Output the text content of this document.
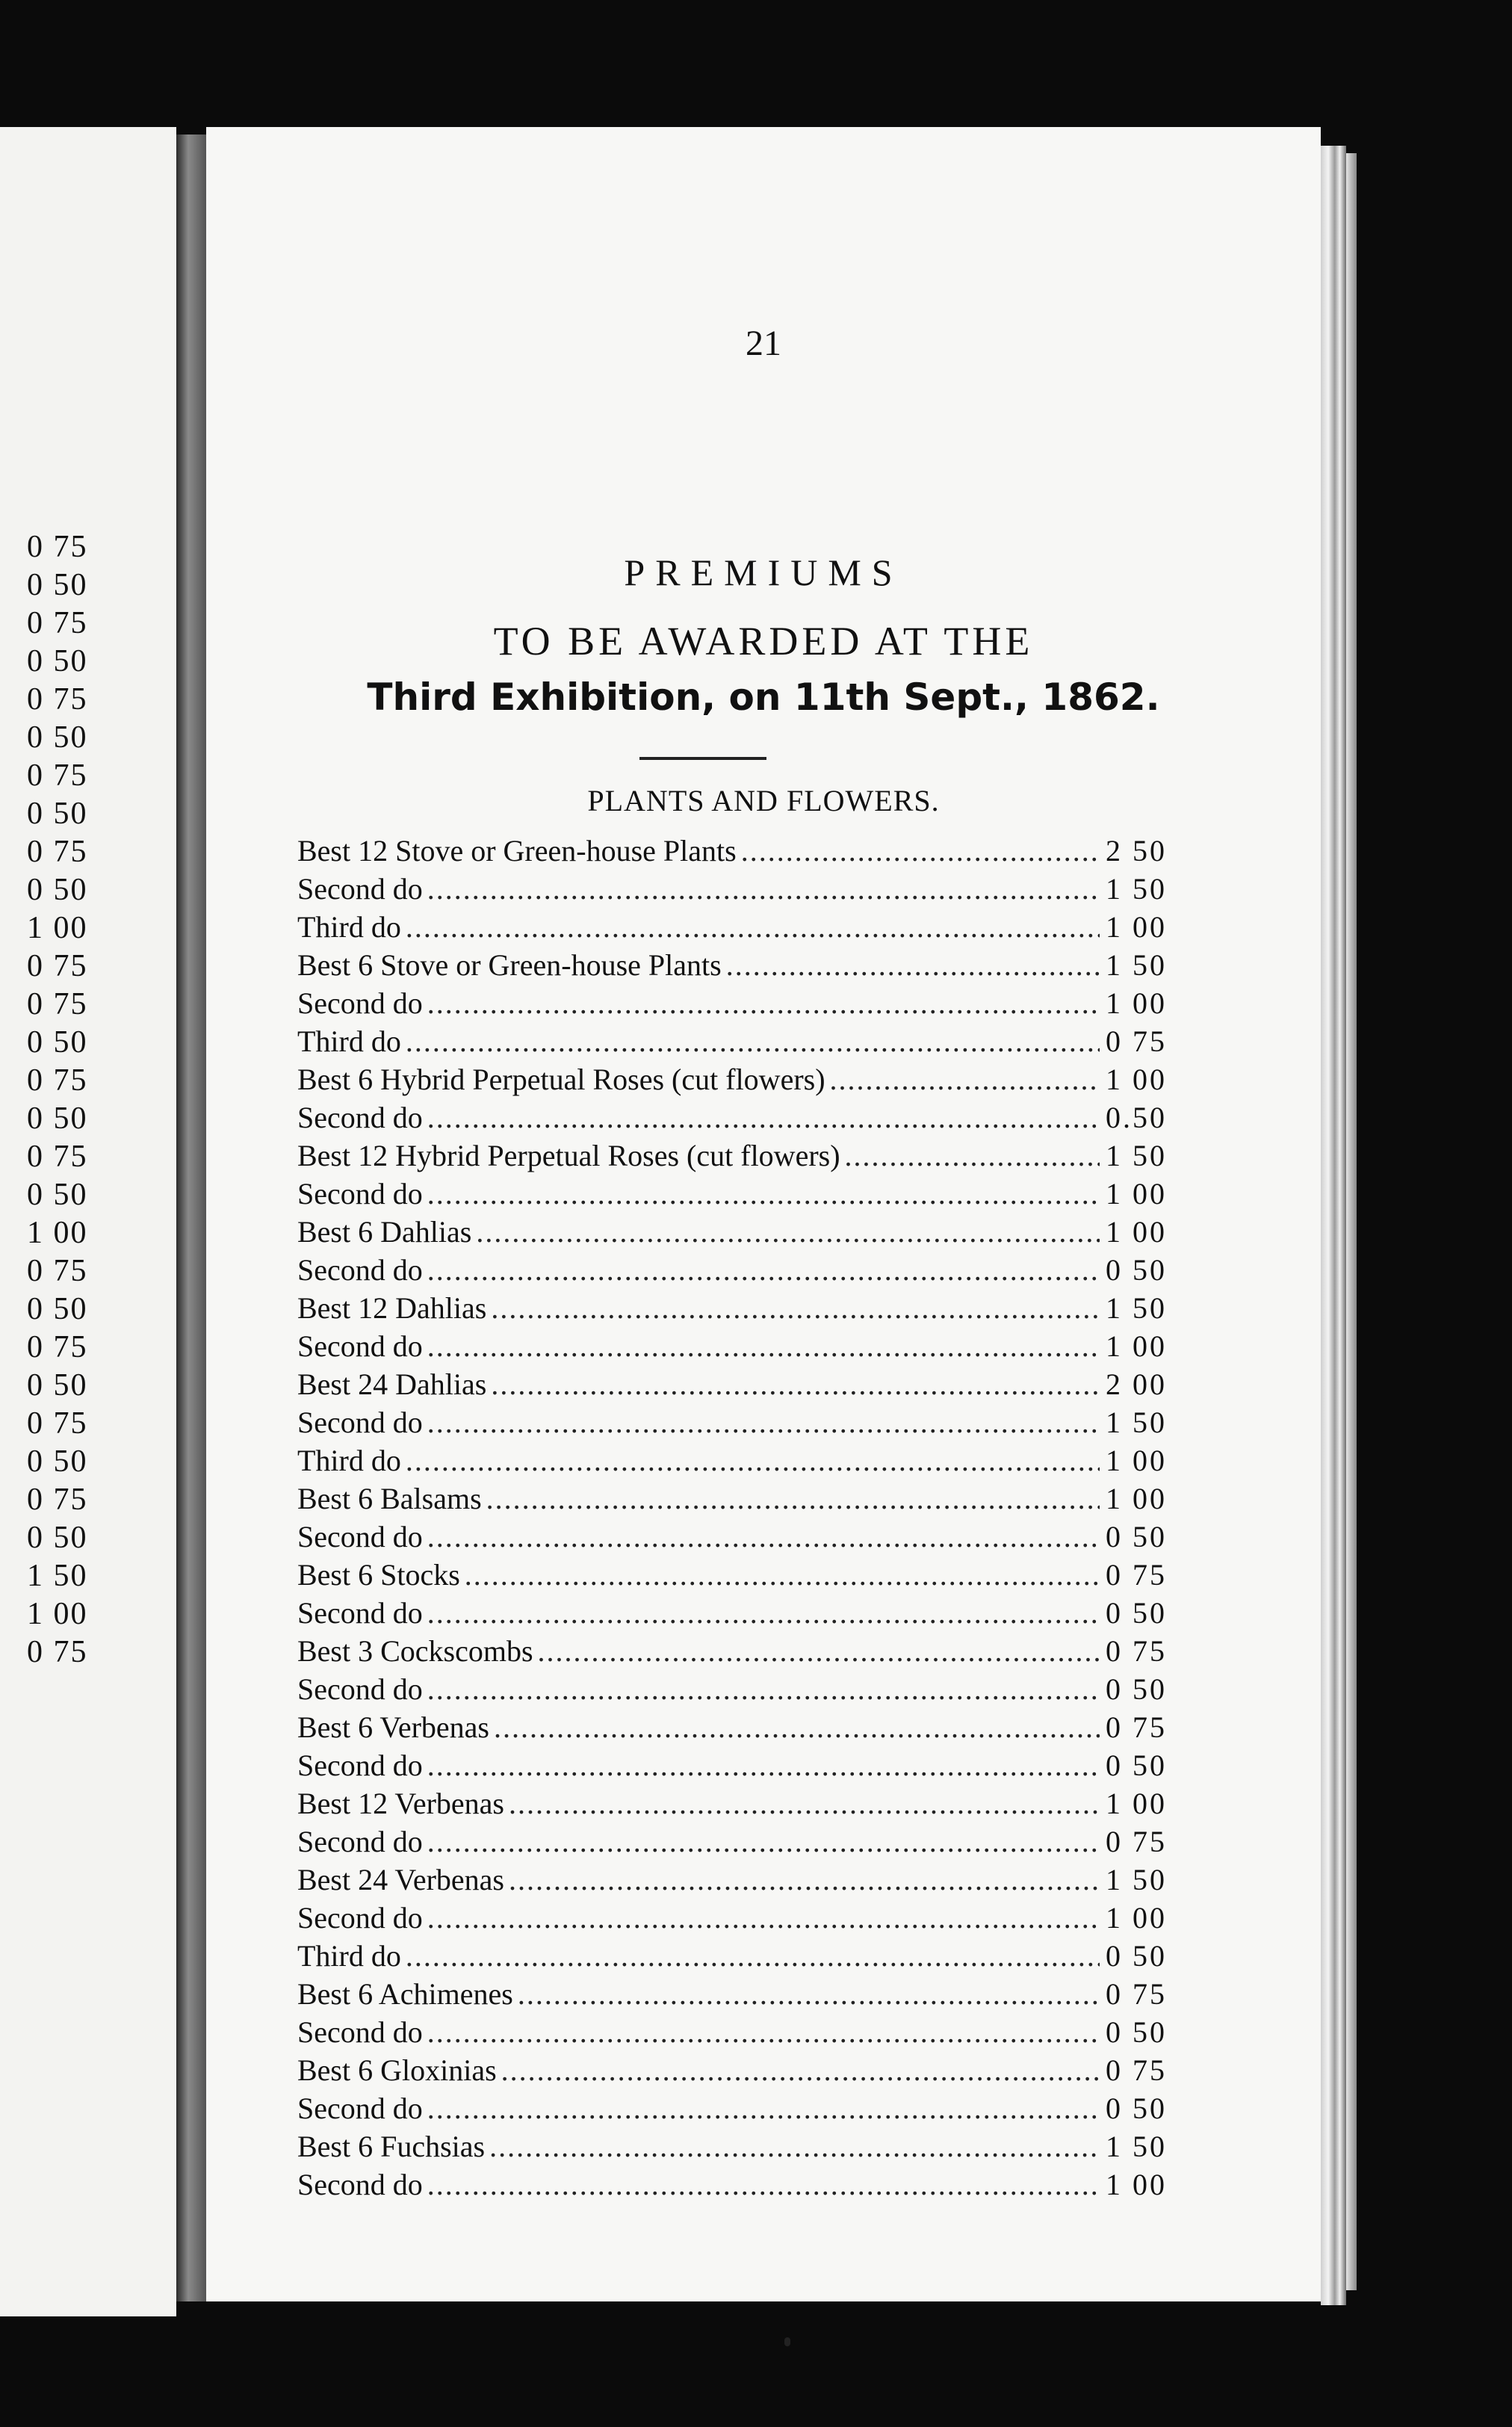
0 75
0 50
0 75
0 50
0 75
0 50
0 75
0 50
0 75
0 50
1 00
0 75
0 75
0 50
0 75
0 50
0 75
0 50
1 00
0 75
0 50
0 75
0 50
0 75
0 50
0 75
0 50
1 50
1 00
0 75
21
PREMIUMS
TO BE AWARDED AT THE
Third Exhibition, on 11th Sept., 1862.
PLANTS AND FLOWERS.
Best 12 Stove or Green-house Plants .....	2 50
Second do .....	1 50
Third do .....	1 00
Best 6 Stove or Green-house Plants .....	1 50
Second do .....	1 00
Third do .....	0 75
Best 6 Hybrid Perpetual Roses (cut flowers) .....	1 00
Second do .....	0.50
Best 12 Hybrid Perpetual Roses (cut flowers) .....	1 50
Second do .....	1 00
Best 6 Dahlias .....	1 00
Second do .....	0 50
Best 12 Dahlias .....	1 50
Second do .....	1 00
Best 24 Dahlias .....	2 00
Second do .....	1 50
Third do .....	1 00
Best 6 Balsams .....	1 00
Second do .....	0 50
Best 6 Stocks .....	0 75
Second do .....	0 50
Best 3 Cockscombs .....	0 75
Second do .....	0 50
Best 6 Verbenas .....	0 75
Second do .....	0 50
Best 12 Verbenas .....	1 00
Second do .....	0 75
Best 24 Verbenas .....	1 50
Second do .....	1 00
Third do .....	0 50
Best 6 Achimenes .....	0 75
Second do .....	0 50
Best 6 Gloxinias .....	0 75
Second do .....	0 50
Best 6 Fuchsias .....	1 50
Second do .....	1 00
